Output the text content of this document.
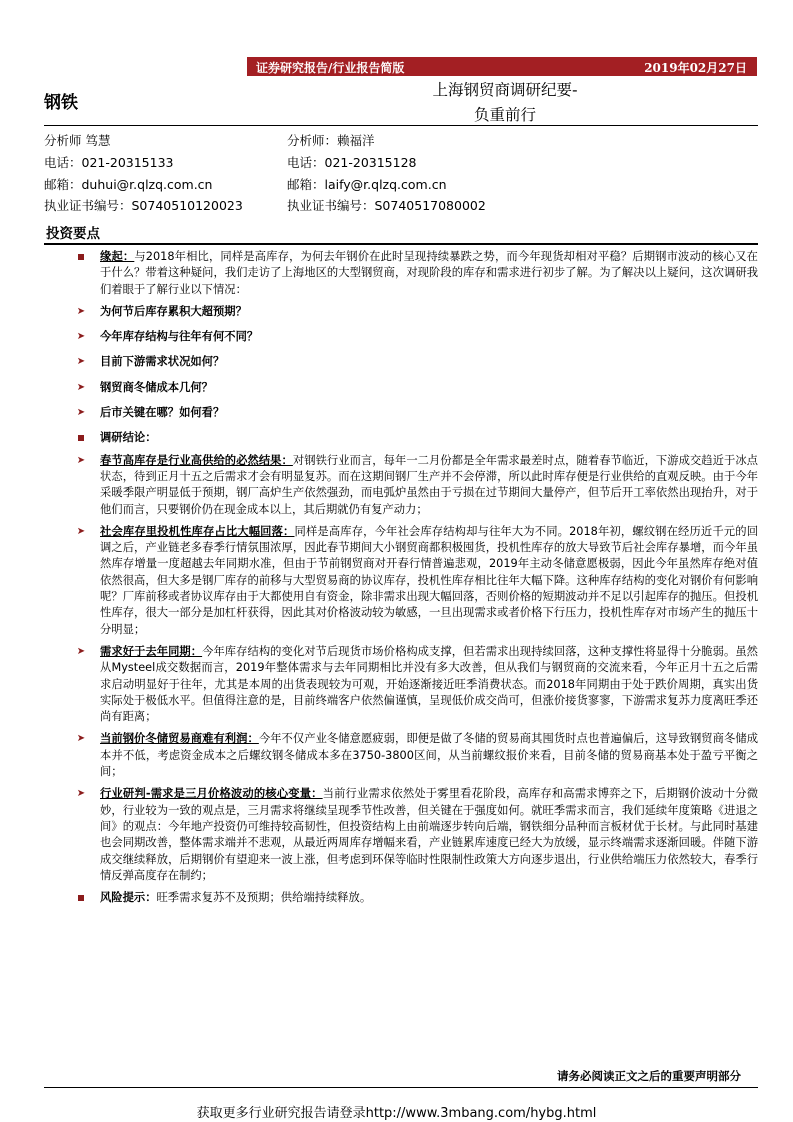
证券研究报告/行业报告简版	2019年02月27日
钢铁
上海钢贸商调研纪要-
负重前行
分析师 笃慧
电话：021-20315133
邮箱：duhui@r.qlzq.com.cn
执业证书编号：S0740510120023
分析师：赖福洋
电话：021-20315128
邮箱：laify@r.qlzq.com.cn
执业证书编号：S0740517080002
投资要点
缘起：与2018年相比，同样是高库存，为何去年钢价在此时呈现持续暴跌之势，而今年现货却相对平稳？后期钢市波动的核心又在于什么？带着这种疑问，我们走访了上海地区的大型钢贸商，对现阶段的库存和需求进行初步了解。为了解决以上疑问，这次调研我们着眼于了解行业以下情况：
➤ 为何节后库存累积大超预期？
➤ 今年库存结构与往年有何不同？
➤ 目前下游需求状况如何？
➤ 钢贸商冬储成本几何？
➤ 后市关键在哪？如何看？
调研结论：
➤ 春节高库存是行业高供给的必然结果：对钢铁行业而言，每年一二月份都是全年需求最差时点，随着春节临近，下游成交趋近于冰点状态，待到正月十五之后需求才会有明显复苏。而在这期间钢厂生产并不会停滞，所以此时库存便是行业供给的直观反映。由于今年采暖季限产明显低于预期，钢厂高炉生产依然强劲，而电弧炉虽然由于亏损在过节期间大量停产，但节后开工率依然出现抬升，对于他们而言，只要钢价仍在现金成本以上，其后期就仍有复产动力；
➤ 社会库存里投机性库存占比大幅回落：同样是高库存，今年社会库存结构却与往年大为不同。2018年初，螺纹钢在经历近千元的回调之后，产业链老多春季行情氛围浓厚，因此春节期间大小钢贸商都积极囤货，投机性库存的放大导致节后社会库存暴增，而今年虽然库存增量一度超越去年同期水准，但由于节前钢贸商对开春行情普遍悲观，2019年主动冬储意愿极弱，因此今年虽然库存绝对值依然很高，但大多是钢厂库存的前移与大型贸易商的协议库存，投机性库存相比往年大幅下降。这种库存结构的变化对钢价有何影响呢？厂库前移或者协议库存由于大都使用自有资金，除非需求出现大幅回落，否则价格的短期波动并不足以引起库存的抛压。但投机性库存，很大一部分是加杠杆获得，因此其对价格波动较为敏感，一旦出现需求或者价格下行压力，投机性库存对市场产生的抛压十分明显；
➤ 需求好于去年同期：今年库存结构的变化对节后现货市场价格构成支撑，但若需求出现持续回落，这种支撑性将显得十分脆弱。虽然从Mysteel成交数据而言，2019年整体需求与去年同期相比并没有多大改善，但从我们与钢贸商的交流来看，今年正月十五之后需求启动明显好于往年，尤其是本周的出货表现较为可观，开始逐渐接近旺季消费状态。而2018年同期由于处于跌价周期，真实出货实际处于极低水平。但值得注意的是，目前终端客户依然偏谨慎，呈现低价成交尚可，但涨价接货寥寥，下游需求复苏力度离旺季还尚有距离；
➤ 当前钢价冬储贸易商难有利润：今年不仅产业冬储意愿疲弱，即便是做了冬储的贸易商其囤货时点也普遍偏后，这导致钢贸商冬储成本并不低，考虑资金成本之后螺纹钢冬储成本多在3750-3800区间，从当前螺纹报价来看，目前冬储的贸易商基本处于盈亏平衡之间；
➤ 行业研判-需求是三月价格波动的核心变量：当前行业需求依然处于雾里看花阶段，高库存和高需求博弈之下，后期钢价波动十分微妙，行业较为一致的观点是，三月需求将继续呈现季节性改善，但关键在于强度如何。就旺季需求而言，我们延续年度策略《进退之间》的观点：今年地产投资仍可维持较高韧性，但投资结构上由前端逐步转向后端，钢铁细分品种而言板材优于长材。与此同时基建也会同期改善，整体需求端并不悲观，从最近两周库存增幅来看，产业链累库速度已经大为放缓，显示终端需求逐渐回暖。伴随下游成交继续释放，后期钢价有望迎来一波上涨，但考虑到环保等临时性限制性政策大方向逐步退出，行业供给端压力依然较大，春季行情反弹高度存在制约；
风险提示：旺季需求复苏不及预期；供给端持续释放。
请务必阅读正文之后的重要声明部分
获取更多行业研究报告请登录http://www.3mbang.com/hybg.html
